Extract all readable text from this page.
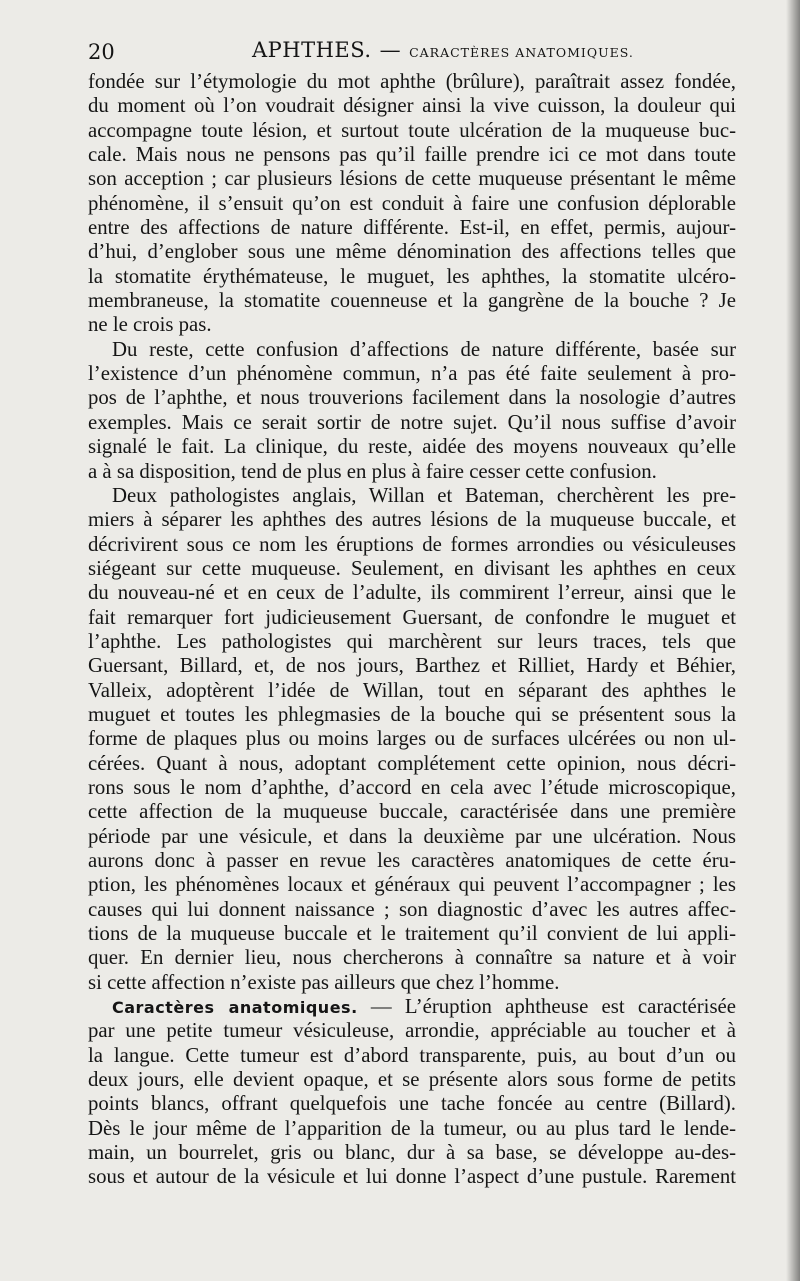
20	APHTHES. — CARACTÈRES ANATOMIQUES.
fondée sur l’étymologie du mot aphthe (brûlure), paraîtrait assez fondée,
du moment où l’on voudrait désigner ainsi la vive cuisson, la douleur qui
accompagne toute lésion, et surtout toute ulcération de la muqueuse buc-
cale. Mais nous ne pensons pas qu’il faille prendre ici ce mot dans toute
son acception ; car plusieurs lésions de cette muqueuse présentant le même
phénomène, il s’ensuit qu’on est conduit à faire une confusion déplorable
entre des affections de nature différente. Est-il, en effet, permis, aujour-
d’hui, d’englober sous une même dénomination des affections telles que
la stomatite érythémateuse, le muguet, les aphthes, la stomatite ulcéro-
membraneuse, la stomatite couenneuse et la gangrène de la bouche ? Je
ne le crois pas.
Du reste, cette confusion d’affections de nature différente, basée sur
l’existence d’un phénomène commun, n’a pas été faite seulement à pro-
pos de l’aphthe, et nous trouverions facilement dans la nosologie d’autres
exemples. Mais ce serait sortir de notre sujet. Qu’il nous suffise d’avoir
signalé le fait. La clinique, du reste, aidée des moyens nouveaux qu’elle
a à sa disposition, tend de plus en plus à faire cesser cette confusion.
Deux pathologistes anglais, Willan et Bateman, cherchèrent les pre-
miers à séparer les aphthes des autres lésions de la muqueuse buccale, et
décrivirent sous ce nom les éruptions de formes arrondies ou vésiculeuses
siégeant sur cette muqueuse. Seulement, en divisant les aphthes en ceux
du nouveau-né et en ceux de l’adulte, ils commirent l’erreur, ainsi que le
fait remarquer fort judicieusement Guersant, de confondre le muguet et
l’aphthe. Les pathologistes qui marchèrent sur leurs traces, tels que
Guersant, Billard, et, de nos jours, Barthez et Rilliet, Hardy et Béhier,
Valleix, adoptèrent l’idée de Willan, tout en séparant des aphthes le
muguet et toutes les phlegmasies de la bouche qui se présentent sous la
forme de plaques plus ou moins larges ou de surfaces ulcérées ou non ul-
cérées. Quant à nous, adoptant complétement cette opinion, nous décri-
rons sous le nom d’aphthe, d’accord en cela avec l’étude microscopique,
cette affection de la muqueuse buccale, caractérisée dans une première
période par une vésicule, et dans la deuxième par une ulcération. Nous
aurons donc à passer en revue les caractères anatomiques de cette éru-
ption, les phénomènes locaux et généraux qui peuvent l’accompagner ; les
causes qui lui donnent naissance ; son diagnostic d’avec les autres affec-
tions de la muqueuse buccale et le traitement qu’il convient de lui appli-
quer. En dernier lieu, nous chercherons à connaître sa nature et à voir
si cette affection n’existe pas ailleurs que chez l’homme.
Caractères anatomiques. — L’éruption aphtheuse est caractérisée
par une petite tumeur vésiculeuse, arrondie, appréciable au toucher et à
la langue. Cette tumeur est d’abord transparente, puis, au bout d’un ou
deux jours, elle devient opaque, et se présente alors sous forme de petits
points blancs, offrant quelquefois une tache foncée au centre (Billard).
Dès le jour même de l’apparition de la tumeur, ou au plus tard le lende-
main, un bourrelet, gris ou blanc, dur à sa base, se développe au-des-
sous et autour de la vésicule et lui donne l’aspect d’une pustule. Rarement
